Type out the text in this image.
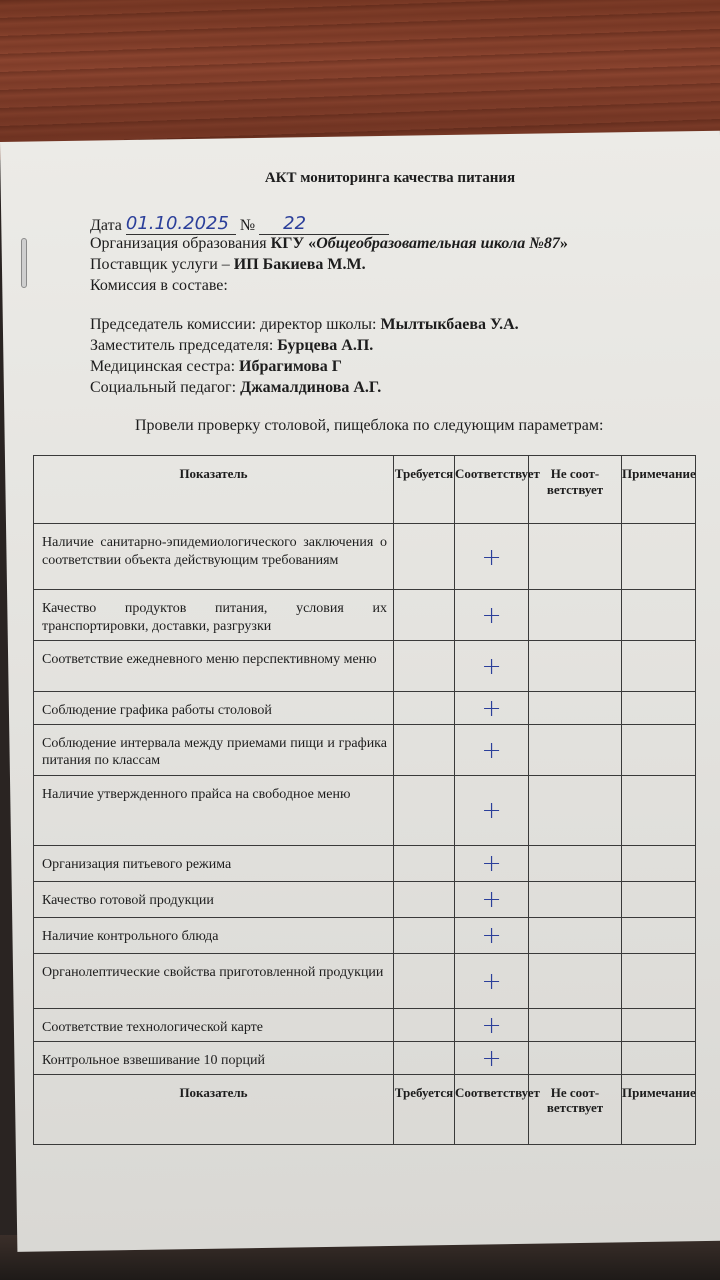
АКТ мониторинга качества питания
Дата 01.10.2025 № 22
Организация образования КГУ «Общеобразовательная школа №87»
Поставщик услуги – ИП Бакиева М.М.
Комиссия в составе:
Председатель комиссии: директор школы: Мылтыкбаева У.А.
Заместитель председателя: Бурцева А.П.
Медицинская сестра: Ибрагимова Г
Социальный педагог: Джамалдинова А.Г.
Провели проверку столовой, пищеблока по следующим параметрам:
Показатель	Требуется	Соответствует	Не соот-ветствует	Примечание
Наличие санитарно-эпидемиологического заключения о соответствии объекта действующим требованиям		+		
Качество продуктов питания, условия их транспортировки, доставки, разгрузки		+		
Соответствие ежедневного меню перспективному меню		+		
Соблюдение графика работы столовой		+		
Соблюдение интервала между приемами пищи и графика питания по классам		+		
Наличие утвержденного прайса на свободное меню		+		
Организация питьевого режима		+		
Качество готовой продукции		+		
Наличие контрольного блюда		+		
Органолептические свойства приготовленной продукции		+		
Соответствие технологической карте		+		
Контрольное взвешивание 10 порций		+		
Показатель	Требуется	Соответствует	Не соот-ветствует	Примечание
